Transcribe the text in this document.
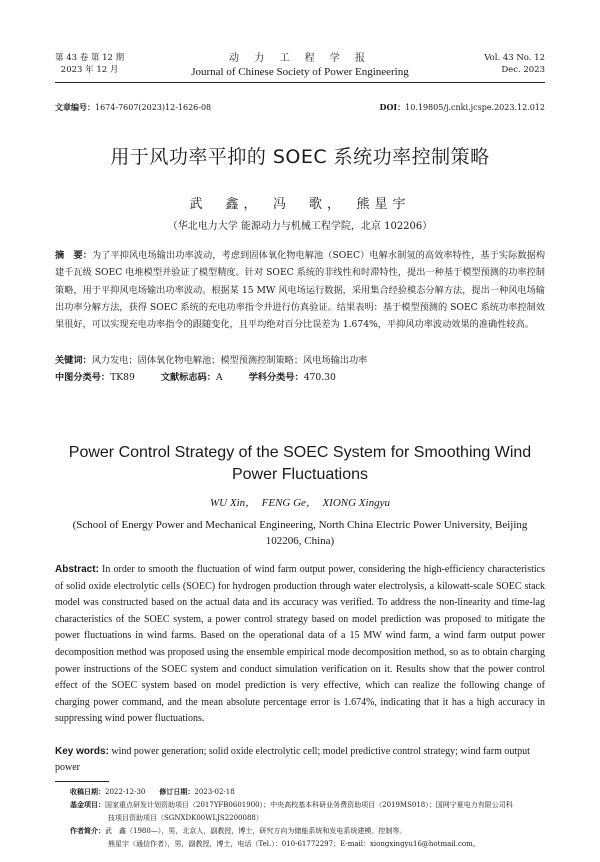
第 43 卷 第 12 期
2023 年 12 月
动 力 工 程 学 报
Journal of Chinese Society of Power Engineering
Vol. 43 No. 12
Dec. 2023
文章编号：1674-7607(2023)12-1626-08	DOI：10.19805/j.cnki.jcspe.2023.12.012
用于风功率平抑的 SOEC 系统功率控制策略
武　鑫，　冯　歌，　熊星宇
（华北电力大学 能源动力与机械工程学院，北京 102206）
摘　要：为了平抑风电场输出功率波动，考虑到固体氧化物电解池（SOEC）电解水制氢的高效率特性，基于实际数据构建千瓦级 SOEC 电堆模型并验证了模型精度。针对 SOEC 系统的非线性和时滞特性，提出一种基于模型预测的功率控制策略，用于平抑风电场输出功率波动。根据某 15 MW 风电场运行数据，采用集合经验模态分解方法，提出一种风电场输出功率分解方法，获得 SOEC 系统的充电功率指令并进行仿真验证。结果表明：基于模型预测的 SOEC 系统功率控制效果很好，可以实现充电功率指令的跟随变化，且平均绝对百分比误差为 1.674%，平抑风功率波动效果的准确性较高。
关键词：风力发电；固体氧化物电解池；模型预测控制策略；风电场输出功率
中图分类号：TK89	文献标志码：A	学科分类号：470.30
Power Control Strategy of the SOEC System for Smoothing Wind Power Fluctuations
WU Xin，　FENG Ge，　XIONG Xingyu
(School of Energy Power and Mechanical Engineering, North China Electric Power University, Beijing 102206, China)
Abstract: In order to smooth the fluctuation of wind farm output power, considering the high-efficiency characteristics of solid oxide electrolytic cells (SOEC) for hydrogen production through water electrolysis, a kilowatt-scale SOEC stack model was constructed based on the actual data and its accuracy was verified. To address the non-linearity and time-lag characteristics of the SOEC system, a power control strategy based on model prediction was proposed to mitigate the power fluctuations in wind farms. Based on the operational data of a 15 MW wind farm, a wind farm output power decomposition method was proposed using the ensemble empirical mode decomposition method, so as to obtain charging power instructions of the SOEC system and conduct simulation verification on it. Results show that the power control effect of the SOEC system based on model prediction is very effective, which can realize the following change of charging power command, and the mean absolute percentage error is 1.674%, indicating that it has a high accuracy in suppressing wind power fluctuations.
Key words: wind power generation; solid oxide electrolytic cell; model predictive control strategy; wind farm output power
收稿日期：2022-12-30　　 修订日期：2023-02-18
基金项目：国家重点研发计划资助项目（2017YFB0601900）；中央高校基本科研业务费资助项目（2019MS018）；国网宁夏电力有限公司科
技项目资助项目（SGNXDK00WLJS2200088）
作者简介：武　鑫（1980—），男，北京人，副教授，博士，研究方向为储能系统和发电系统建模、控制等。
熊星宇（通信作者），男，副教授，博士，电话（Tel.）：010-61772297；E-mail：xiongxingyu16@hotmail.com。
